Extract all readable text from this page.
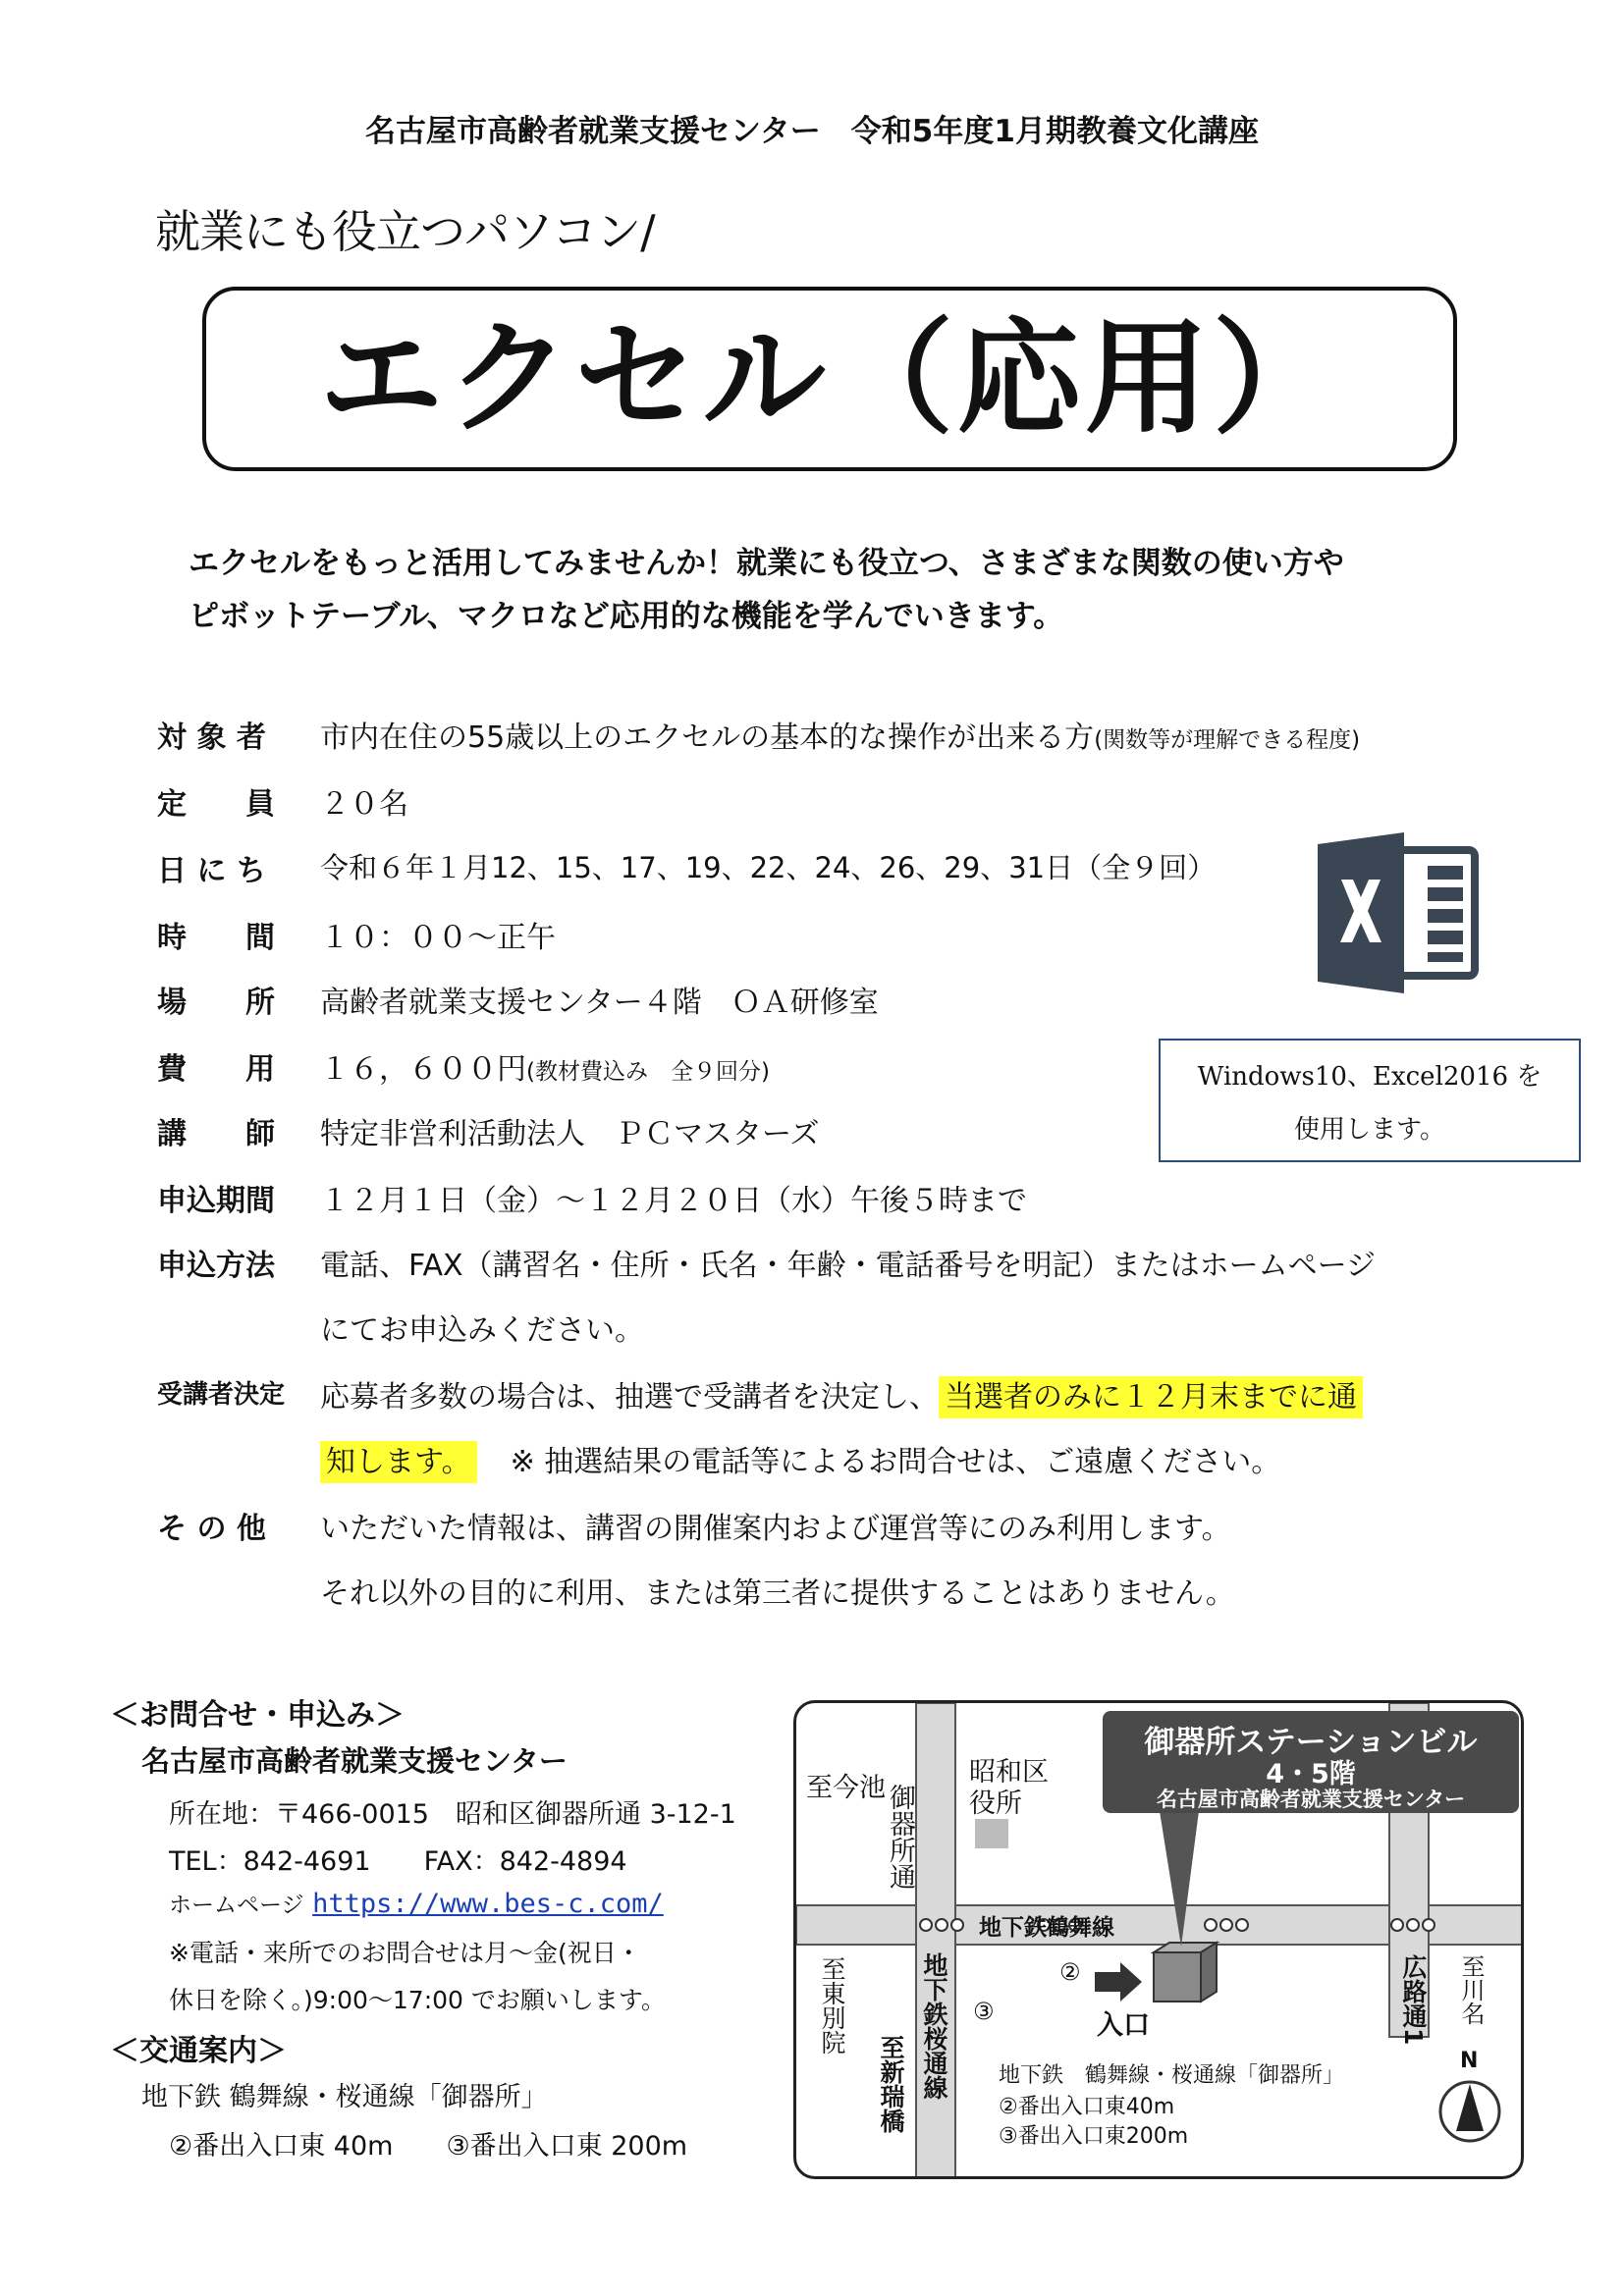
名古屋市高齢者就業支援センター　令和5年度1月期教養文化講座
就業にも役立つパソコン/
エクセル（応用）
エクセルをもっと活用してみませんか！就業にも役立つ、さまざまな関数の使い方や
ピボットテーブル、マクロなど応用的な機能を学んでいきます。
対 象 者 市内在住の55歳以上のエクセルの基本的な操作が出来る方(関数等が理解できる程度)
定　　員 ２０名
日 に ち 令和６年１月12、15、17、19、22、24、26、29、31日（全９回）
時　　間 １０：００～正午
場　　所 高齢者就業支援センター４階　ＯＡ研修室
費　　用 １６，６００円(教材費込み　全９回分)
講　　師 特定非営利活動法人　ＰＣマスターズ
申込期間 １２月１日（金）～１２月２０日（水）午後５時まで
申込方法 電話、FAX（講習名・住所・氏名・年齢・電話番号を明記）またはホームページ
にてお申込みください。
受講者決定 応募者多数の場合は、抽選で受講者を決定し、 当選者のみに１２月末までに通
知します。 ※ 抽選結果の電話等によるお問合せは、ご遠慮ください。
そ の 他 いただいた情報は、講習の開催案内および運営等にのみ利用します。
それ以外の目的に利用、または第三者に提供することはありません。
Windows10、Excel2016 を
使用します。
＜お問合せ・申込み＞
名古屋市高齢者就業支援センター
所在地：〒466-0015　昭和区御器所通 3-12-1
TEL：842-4691　　FAX：842-4894
ホームページ https://www.bes-c.com/
※電話・来所でのお問合せは月～金(祝日・
休日を除く。)9:00～17:00 でお願いします。
＜交通案内＞
地下鉄 鶴舞線・桜通線「御器所」
②番出入口東 40m　　③番出入口東 200m
御器所ステーションビル
4・5階
名古屋市高齢者就業支援センター
至今池
昭和区
役所
御器所通
地下鉄鶴舞線
至東別院	地下鉄桜通線
至新瑞橋
②
③	入口	広路通1 至川名
地下鉄　鶴舞線・桜通線「御器所」
②番出入口東40m
③番出入口東200m
N
